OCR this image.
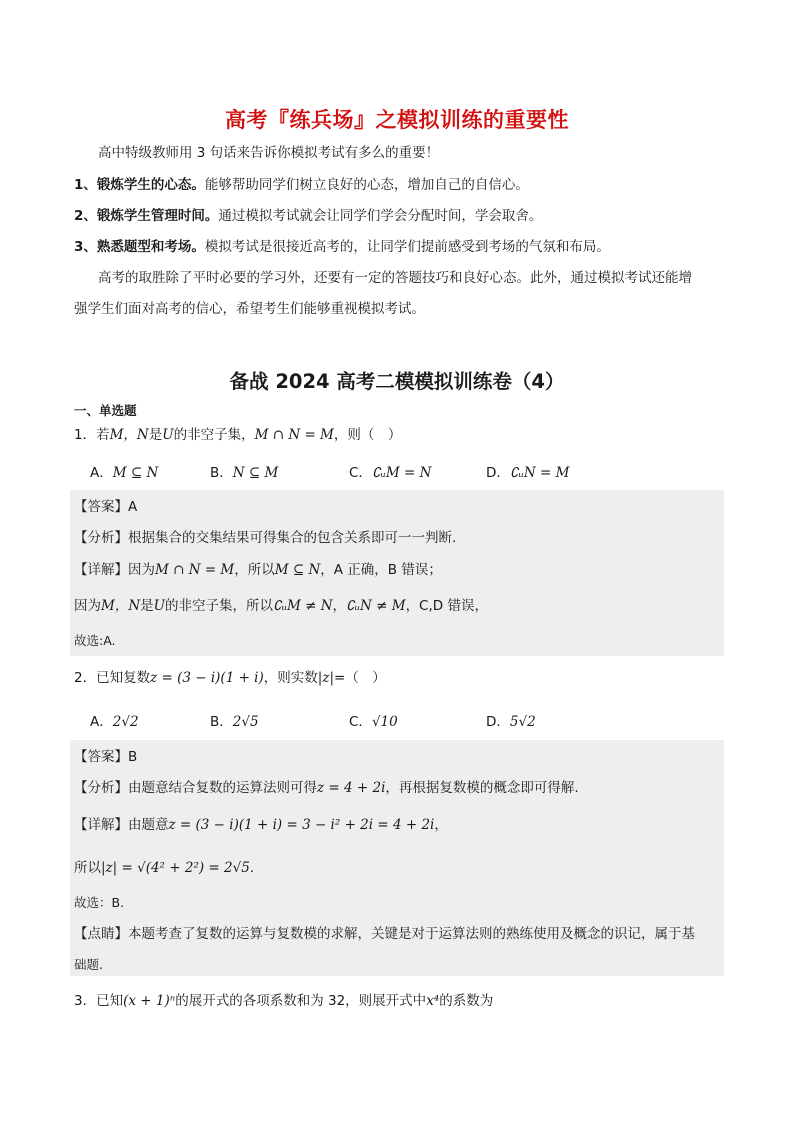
高考『练兵场』之模拟训练的重要性
高中特级教师用 3 句话来告诉你模拟考试有多么的重要！
1、锻炼学生的心态。能够帮助同学们树立良好的心态，增加自己的自信心。
2、锻炼学生管理时间。通过模拟考试就会让同学们学会分配时间，学会取舍。
3、熟悉题型和考场。模拟考试是很接近高考的，让同学们提前感受到考场的气氛和布局。
高考的取胜除了平时必要的学习外，还要有一定的答题技巧和良好心态。此外，通过模拟考试还能增
强学生们面对高考的信心，希望考生们能够重视模拟考试。
备战 2024 高考二模模拟训练卷（4）
一、单选题
1．若M，N是U的非空子集，M ∩ N = M，则（　）
A．M ⊆ N	B．N ⊆ M	C．∁ᵤM = N	D．∁ᵤN = M
【答案】A
【分析】根据集合的交集结果可得集合的包含关系即可一一判断.
【详解】因为M ∩ N = M，所以M ⊆ N，A 正确，B 错误；
因为M，N是U的非空子集，所以∁ᵤM ≠ N，∁ᵤN ≠ M，C,D 错误，
故选:A.
2．已知复数z = (3 − i)(1 + i)，则实数|z|=（　）
A．2√2	B．2√5	C．√10	D．5√2
【答案】B
【分析】由题意结合复数的运算法则可得z = 4 + 2i，再根据复数模的概念即可得解.
【详解】由题意z = (3 − i)(1 + i) = 3 − i² + 2i = 4 + 2i，
所以|z| = √(4² + 2²) = 2√5.
故选：B.
【点睛】本题考查了复数的运算与复数模的求解，关键是对于运算法则的熟练使用及概念的识记，属于基
础题.
3．已知(x + 1)ⁿ的展开式的各项系数和为 32，则展开式中x⁴的系数为
